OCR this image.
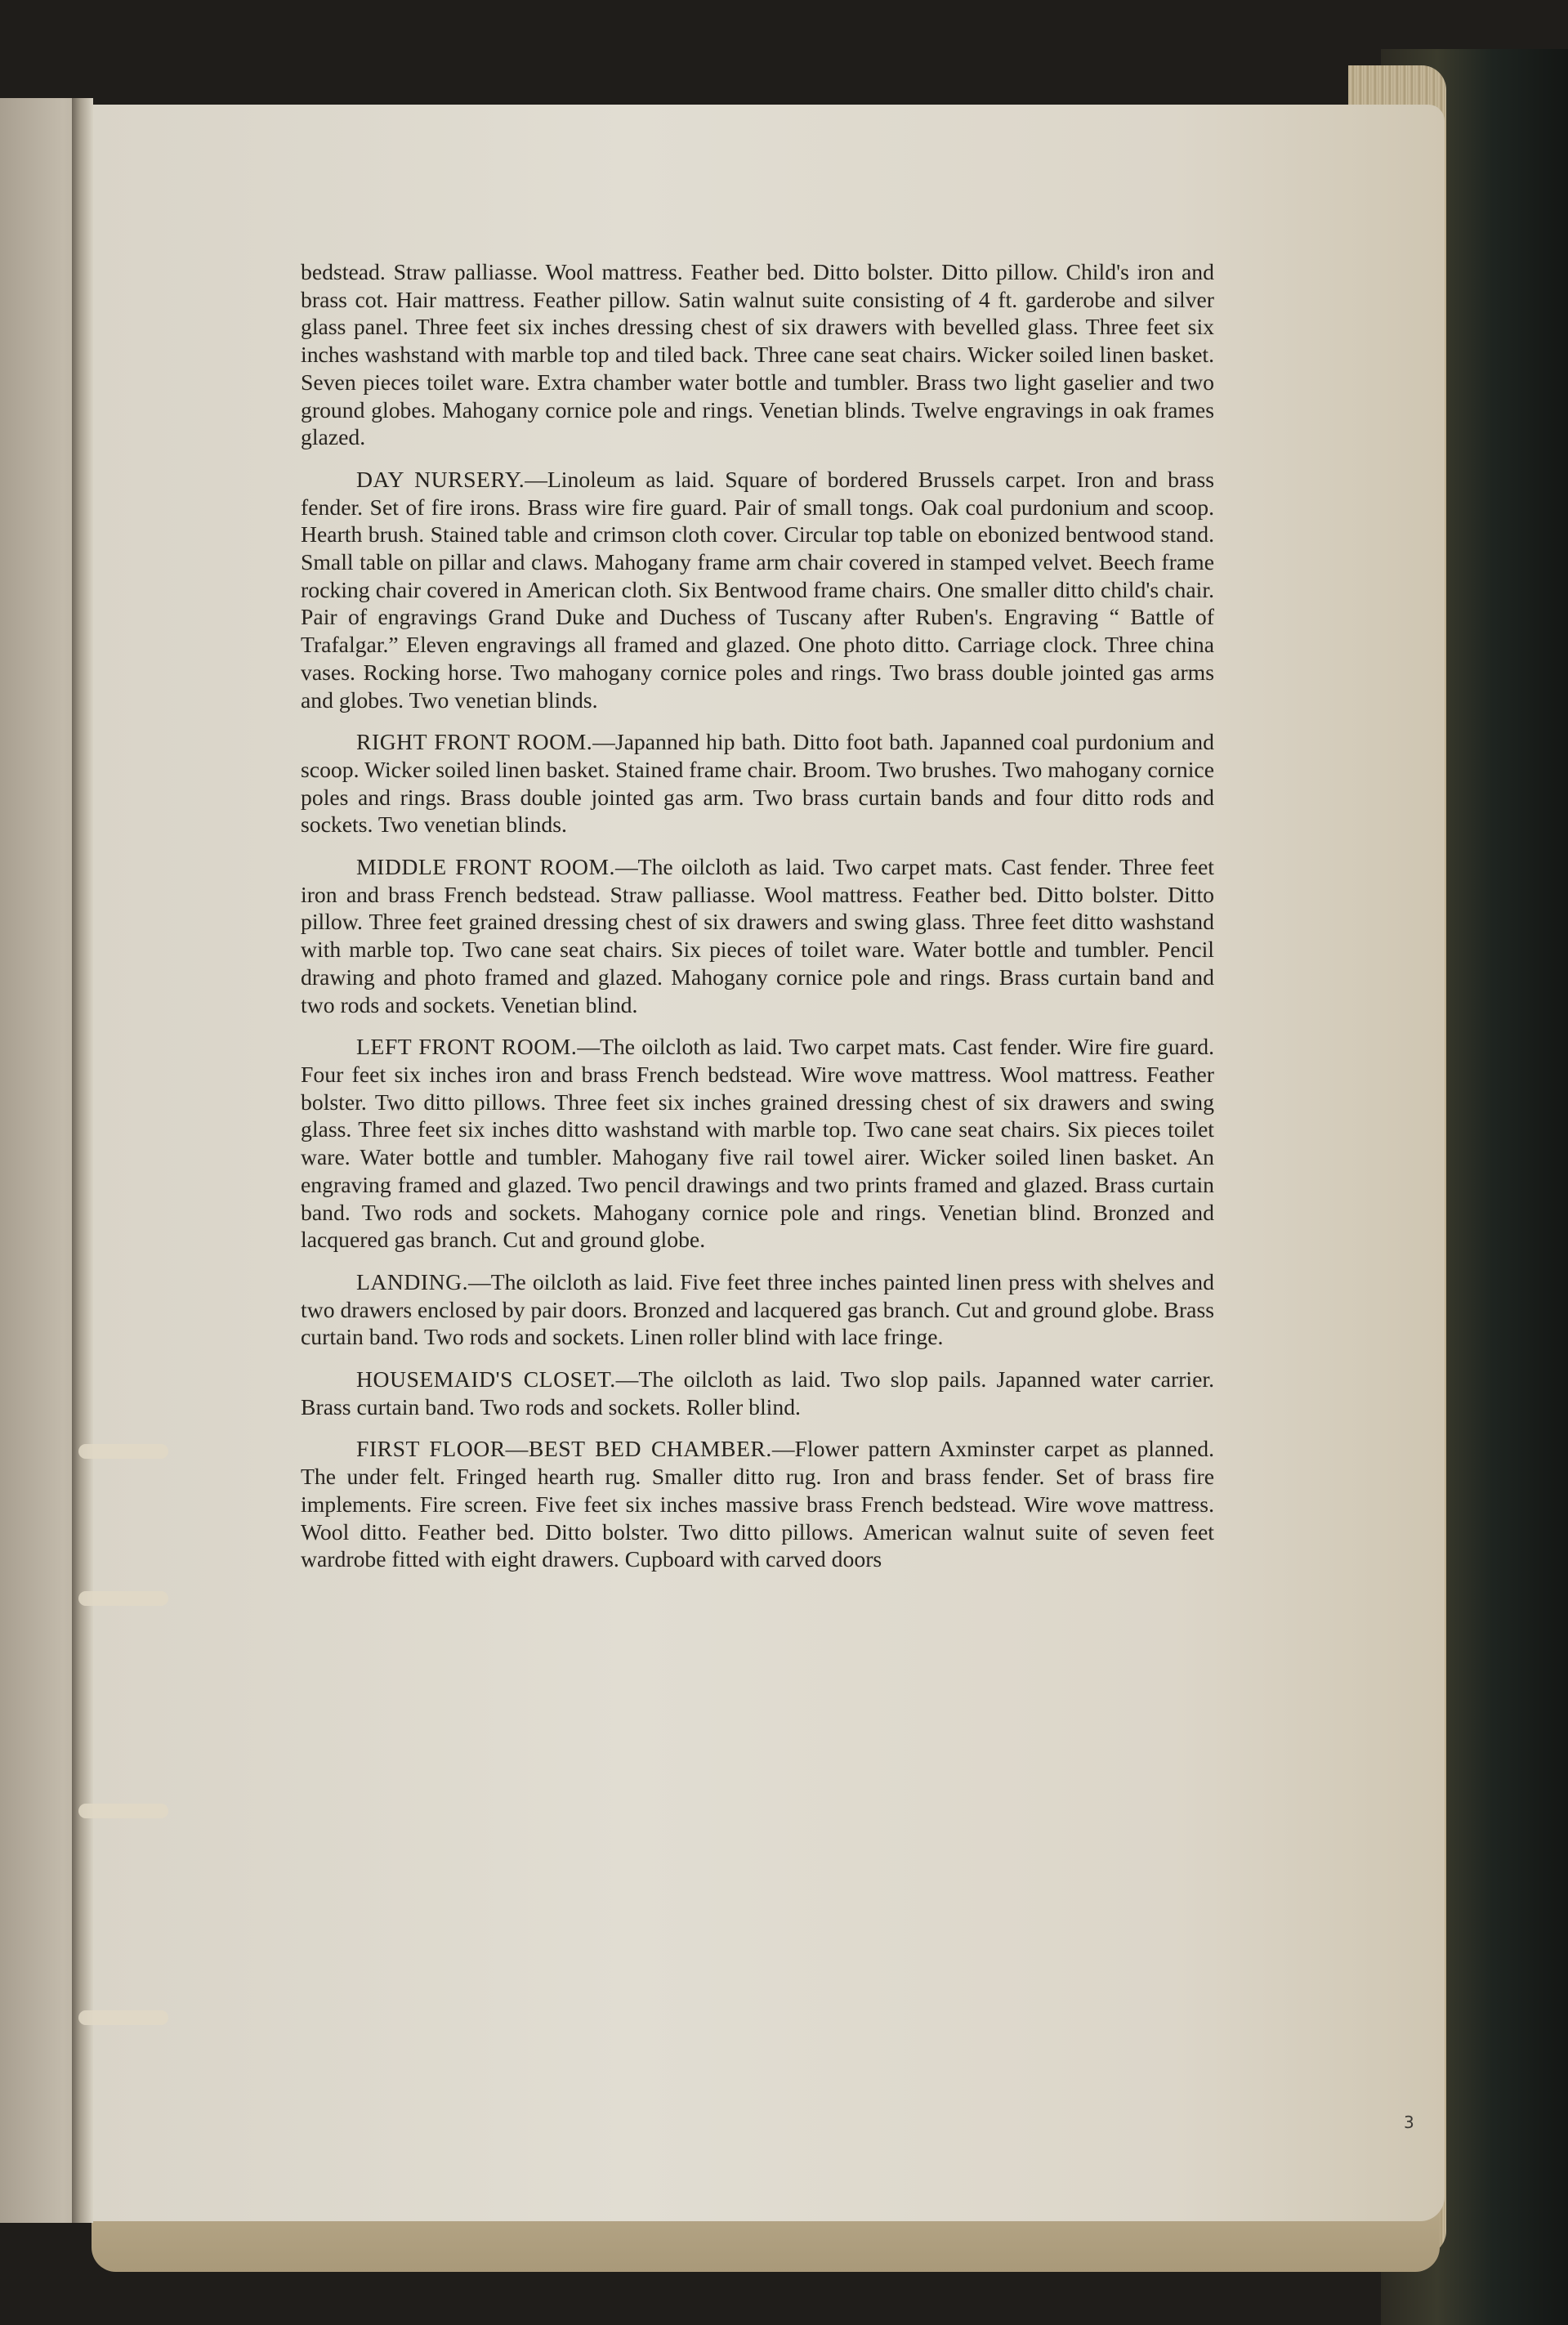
bedstead. Straw palliasse. Wool mattress. Feather bed. Ditto bolster. Ditto pillow. Child's iron and brass cot. Hair mattress. Feather pillow. Satin walnut suite consisting of 4 ft. garderobe and silver glass panel. Three feet six inches dressing chest of six drawers with bevelled glass. Three feet six inches washstand with marble top and tiled back. Three cane seat chairs. Wicker soiled linen basket. Seven pieces toilet ware. Extra chamber water bottle and tumbler. Brass two light gaselier and two ground globes. Mahogany cornice pole and rings. Venetian blinds. Twelve engravings in oak frames glazed.

DAY NURSERY.—Linoleum as laid. Square of bordered Brussels carpet. Iron and brass fender. Set of fire irons. Brass wire fire guard. Pair of small tongs. Oak coal purdonium and scoop. Hearth brush. Stained table and crimson cloth cover. Circular top table on ebonized bentwood stand. Small table on pillar and claws. Mahogany frame arm chair covered in stamped velvet. Beech frame rocking chair covered in American cloth. Six Bentwood frame chairs. One smaller ditto child's chair. Pair of engravings Grand Duke and Duchess of Tuscany after Ruben's. Engraving “ Battle of Trafalgar.” Eleven engravings all framed and glazed. One photo ditto. Carriage clock. Three china vases. Rocking horse. Two mahogany cornice poles and rings. Two brass double jointed gas arms and globes. Two venetian blinds.

RIGHT FRONT ROOM.—Japanned hip bath. Ditto foot bath. Japanned coal purdonium and scoop. Wicker soiled linen basket. Stained frame chair. Broom. Two brushes. Two mahogany cornice poles and rings. Brass double jointed gas arm. Two brass curtain bands and four ditto rods and sockets. Two venetian blinds.

MIDDLE FRONT ROOM.—The oilcloth as laid. Two carpet mats. Cast fender. Three feet iron and brass French bedstead. Straw palliasse. Wool mattress. Feather bed. Ditto bolster. Ditto pillow. Three feet grained dressing chest of six drawers and swing glass. Three feet ditto washstand with marble top. Two cane seat chairs. Six pieces of toilet ware. Water bottle and tumbler. Pencil drawing and photo framed and glazed. Mahogany cornice pole and rings. Brass curtain band and two rods and sockets. Venetian blind.

LEFT FRONT ROOM.—The oilcloth as laid. Two carpet mats. Cast fender. Wire fire guard. Four feet six inches iron and brass French bedstead. Wire wove mattress. Wool mattress. Feather bolster. Two ditto pillows. Three feet six inches grained dressing chest of six drawers and swing glass. Three feet six inches ditto washstand with marble top. Two cane seat chairs. Six pieces toilet ware. Water bottle and tumbler. Mahogany five rail towel airer. Wicker soiled linen basket. An engraving framed and glazed. Two pencil drawings and two prints framed and glazed. Brass curtain band. Two rods and sockets. Mahogany cornice pole and rings. Venetian blind. Bronzed and lacquered gas branch. Cut and ground globe.

LANDING.—The oilcloth as laid. Five feet three inches painted linen press with shelves and two drawers enclosed by pair doors. Bronzed and lacquered gas branch. Cut and ground globe. Brass curtain band. Two rods and sockets. Linen roller blind with lace fringe.

HOUSEMAID'S CLOSET.—The oilcloth as laid. Two slop pails. Japanned water carrier. Brass curtain band. Two rods and sockets. Roller blind.

FIRST FLOOR—BEST BED CHAMBER.—Flower pattern Axminster carpet as planned. The under felt. Fringed hearth rug. Smaller ditto rug. Iron and brass fender. Set of brass fire implements. Fire screen. Five feet six inches massive brass French bedstead. Wire wove mattress. Wool ditto. Feather bed. Ditto bolster. Two ditto pillows. American walnut suite of seven feet wardrobe fitted with eight drawers. Cupboard with carved doors

3
